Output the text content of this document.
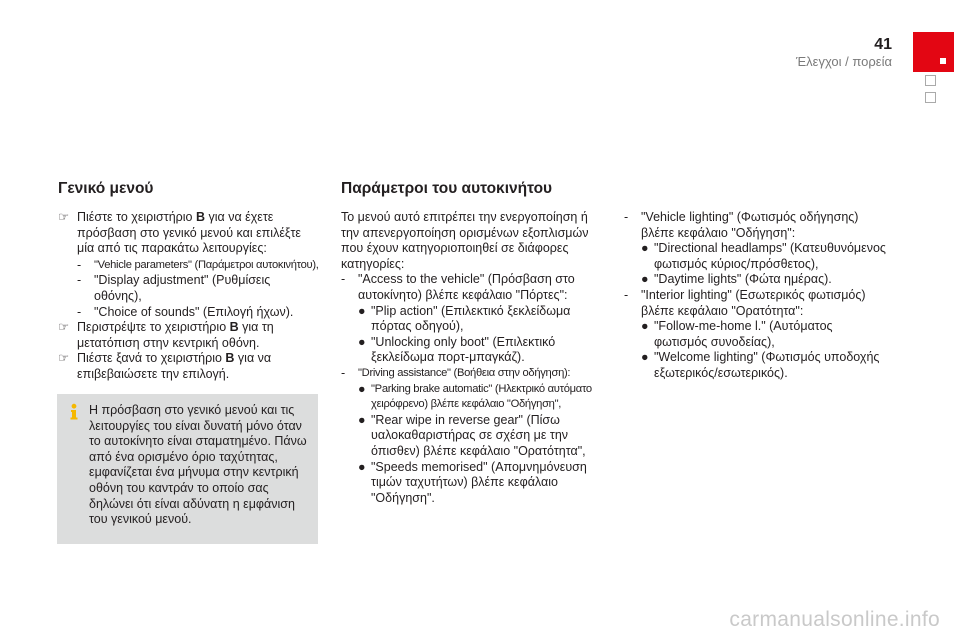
41
Έλεγχοι / πορεία
Γενικό μενού
☞ Πιέστε το χειριστήριο B για να έχετε πρόσβαση στο γενικό μενού και επιλέξτε μία από τις παρακάτω λειτουργίες:
-	"Vehicle parameters" (Παράμετροι αυτοκινήτου),
-	"Display adjustment" (Ρυθμίσεις οθόνης),
-	"Choice of sounds" (Επιλογή ήχων).
☞ Περιστρέψτε το χειριστήριο B για τη μετατόπιση στην κεντρική οθόνη.
☞ Πιέστε ξανά το χειριστήριο B για να επιβεβαιώσετε την επιλογή.
Η πρόσβαση στο γενικό μενού και τις λειτουργίες του είναι δυνατή μόνο όταν το αυτοκίνητο είναι σταματημένο. Πάνω από ένα ορισμένο όριο ταχύτητας, εμφανίζεται ένα μήνυμα στην κεντρική οθόνη του καντράν το οποίο σας δηλώνει ότι είναι αδύνατη η εμφάνιση του γενικού μενού.
Παράμετροι του αυτοκινήτου

Το μενού αυτό επιτρέπει την ενεργοποίηση ή την απενεργοποίηση ορισμένων εξοπλισμών που έχουν κατηγοριοποιηθεί σε διάφορες κατηγορίες:

-	"Access to the vehicle" (Πρόσβαση στο αυτοκίνητο) βλέπε κεφάλαιο "Πόρτες":
● "Plip action" (Επιλεκτικό ξεκλείδωμα πόρτας οδηγού),
● "Unlocking only boot" (Επιλεκτικό ξεκλείδωμα πορτ-μπαγκάζ).
-	"Driving assistance" (Βοήθεια στην οδήγηση):
● "Parking brake automatic" (Ηλεκτρικό αυτόματο χειρόφρενο) βλέπε κεφάλαιο "Οδήγηση",
● "Rear wipe in reverse gear" (Πίσω υαλοκαθαριστήρας σε σχέση με την όπισθεν) βλέπε κεφάλαιο "Ορατότητα",
● "Speeds memorised" (Απομνημόνευση τιμών ταχυτήτων) βλέπε κεφάλαιο "Οδήγηση".
-	"Vehicle lighting" (Φωτισμός οδήγησης) βλέπε κεφάλαιο "Οδήγηση":
● "Directional headlamps" (Κατευθυνόμενος φωτισμός κύριος/πρόσθετος),
● "Daytime lights" (Φώτα ημέρας).
-	"Interior lighting" (Εσωτερικός φωτισμός) βλέπε κεφάλαιο "Ορατότητα":
● "Follow-me-home l." (Αυτόματος φωτισμός συνοδείας),
● "Welcome lighting" (Φωτισμός υποδοχής εξωτερικός/εσωτερικός).
carmanualsonline.info
